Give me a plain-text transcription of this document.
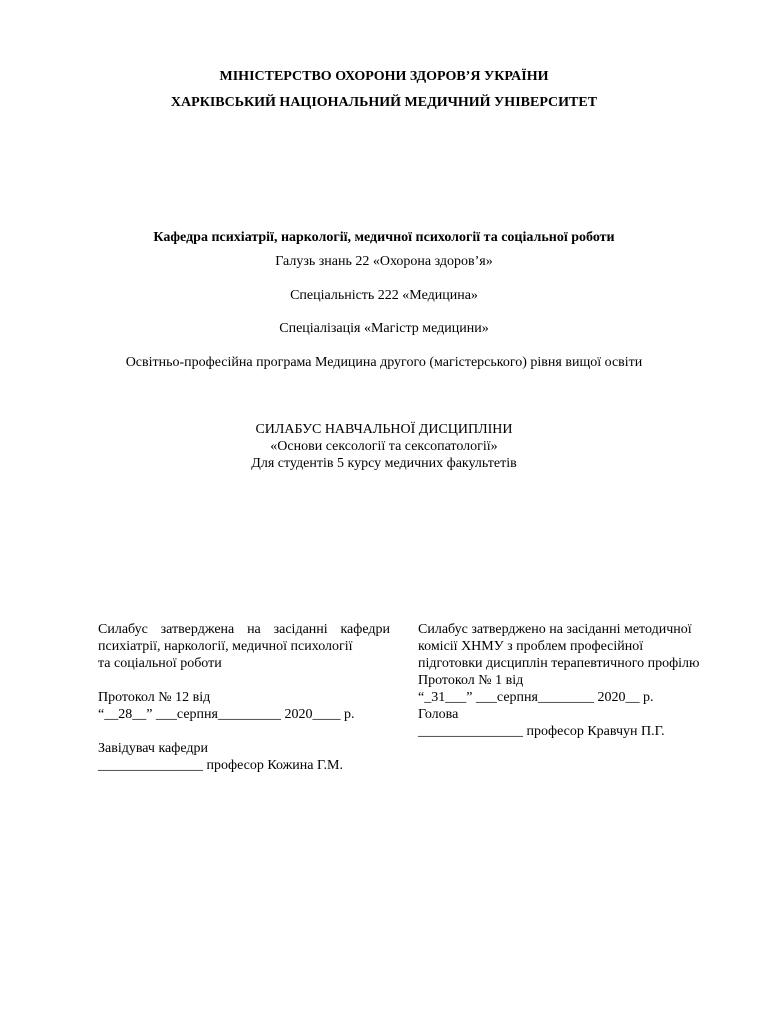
МІНІСТЕРСТВО ОХОРОНИ ЗДОРОВ’Я УКРАЇНИ
ХАРКІВСЬКИЙ НАЦІОНАЛЬНИЙ МЕДИЧНИЙ УНІВЕРСИТЕТ
Кафедра психіатрії, наркології, медичної психології та соціальної роботи
Галузь знань 22 «Охорона здоров’я»
Спеціальність 222 «Медицина»
Спеціалізація «Магістр медицини»
Освітньо-професійна програма Медицина другого (магістерського) рівня вищої освіти
СИЛАБУС НАВЧАЛЬНОЇ ДИСЦИПЛІНИ
«Основи сексології та сексопатології»
Для студентів 5 курсу медичних факультетів
Силабус затверджена на засіданні кафедри

психіатрії, наркології, медичної психології

та соціальної роботи

Протокол № 12 від

“__28__” ___серпня_________ 2020____ р.

Завідувач кафедри

_______________ професор Кожина Г.М.

Силабус затверджено на засіданні методичної

комісії ХНМУ з проблем професійної

підготовки дисциплін терапевтичного профілю

Протокол № 1 від

“_31___” ___серпня________ 2020__ р.

Голова

_______________ професор Кравчун П.Г.
